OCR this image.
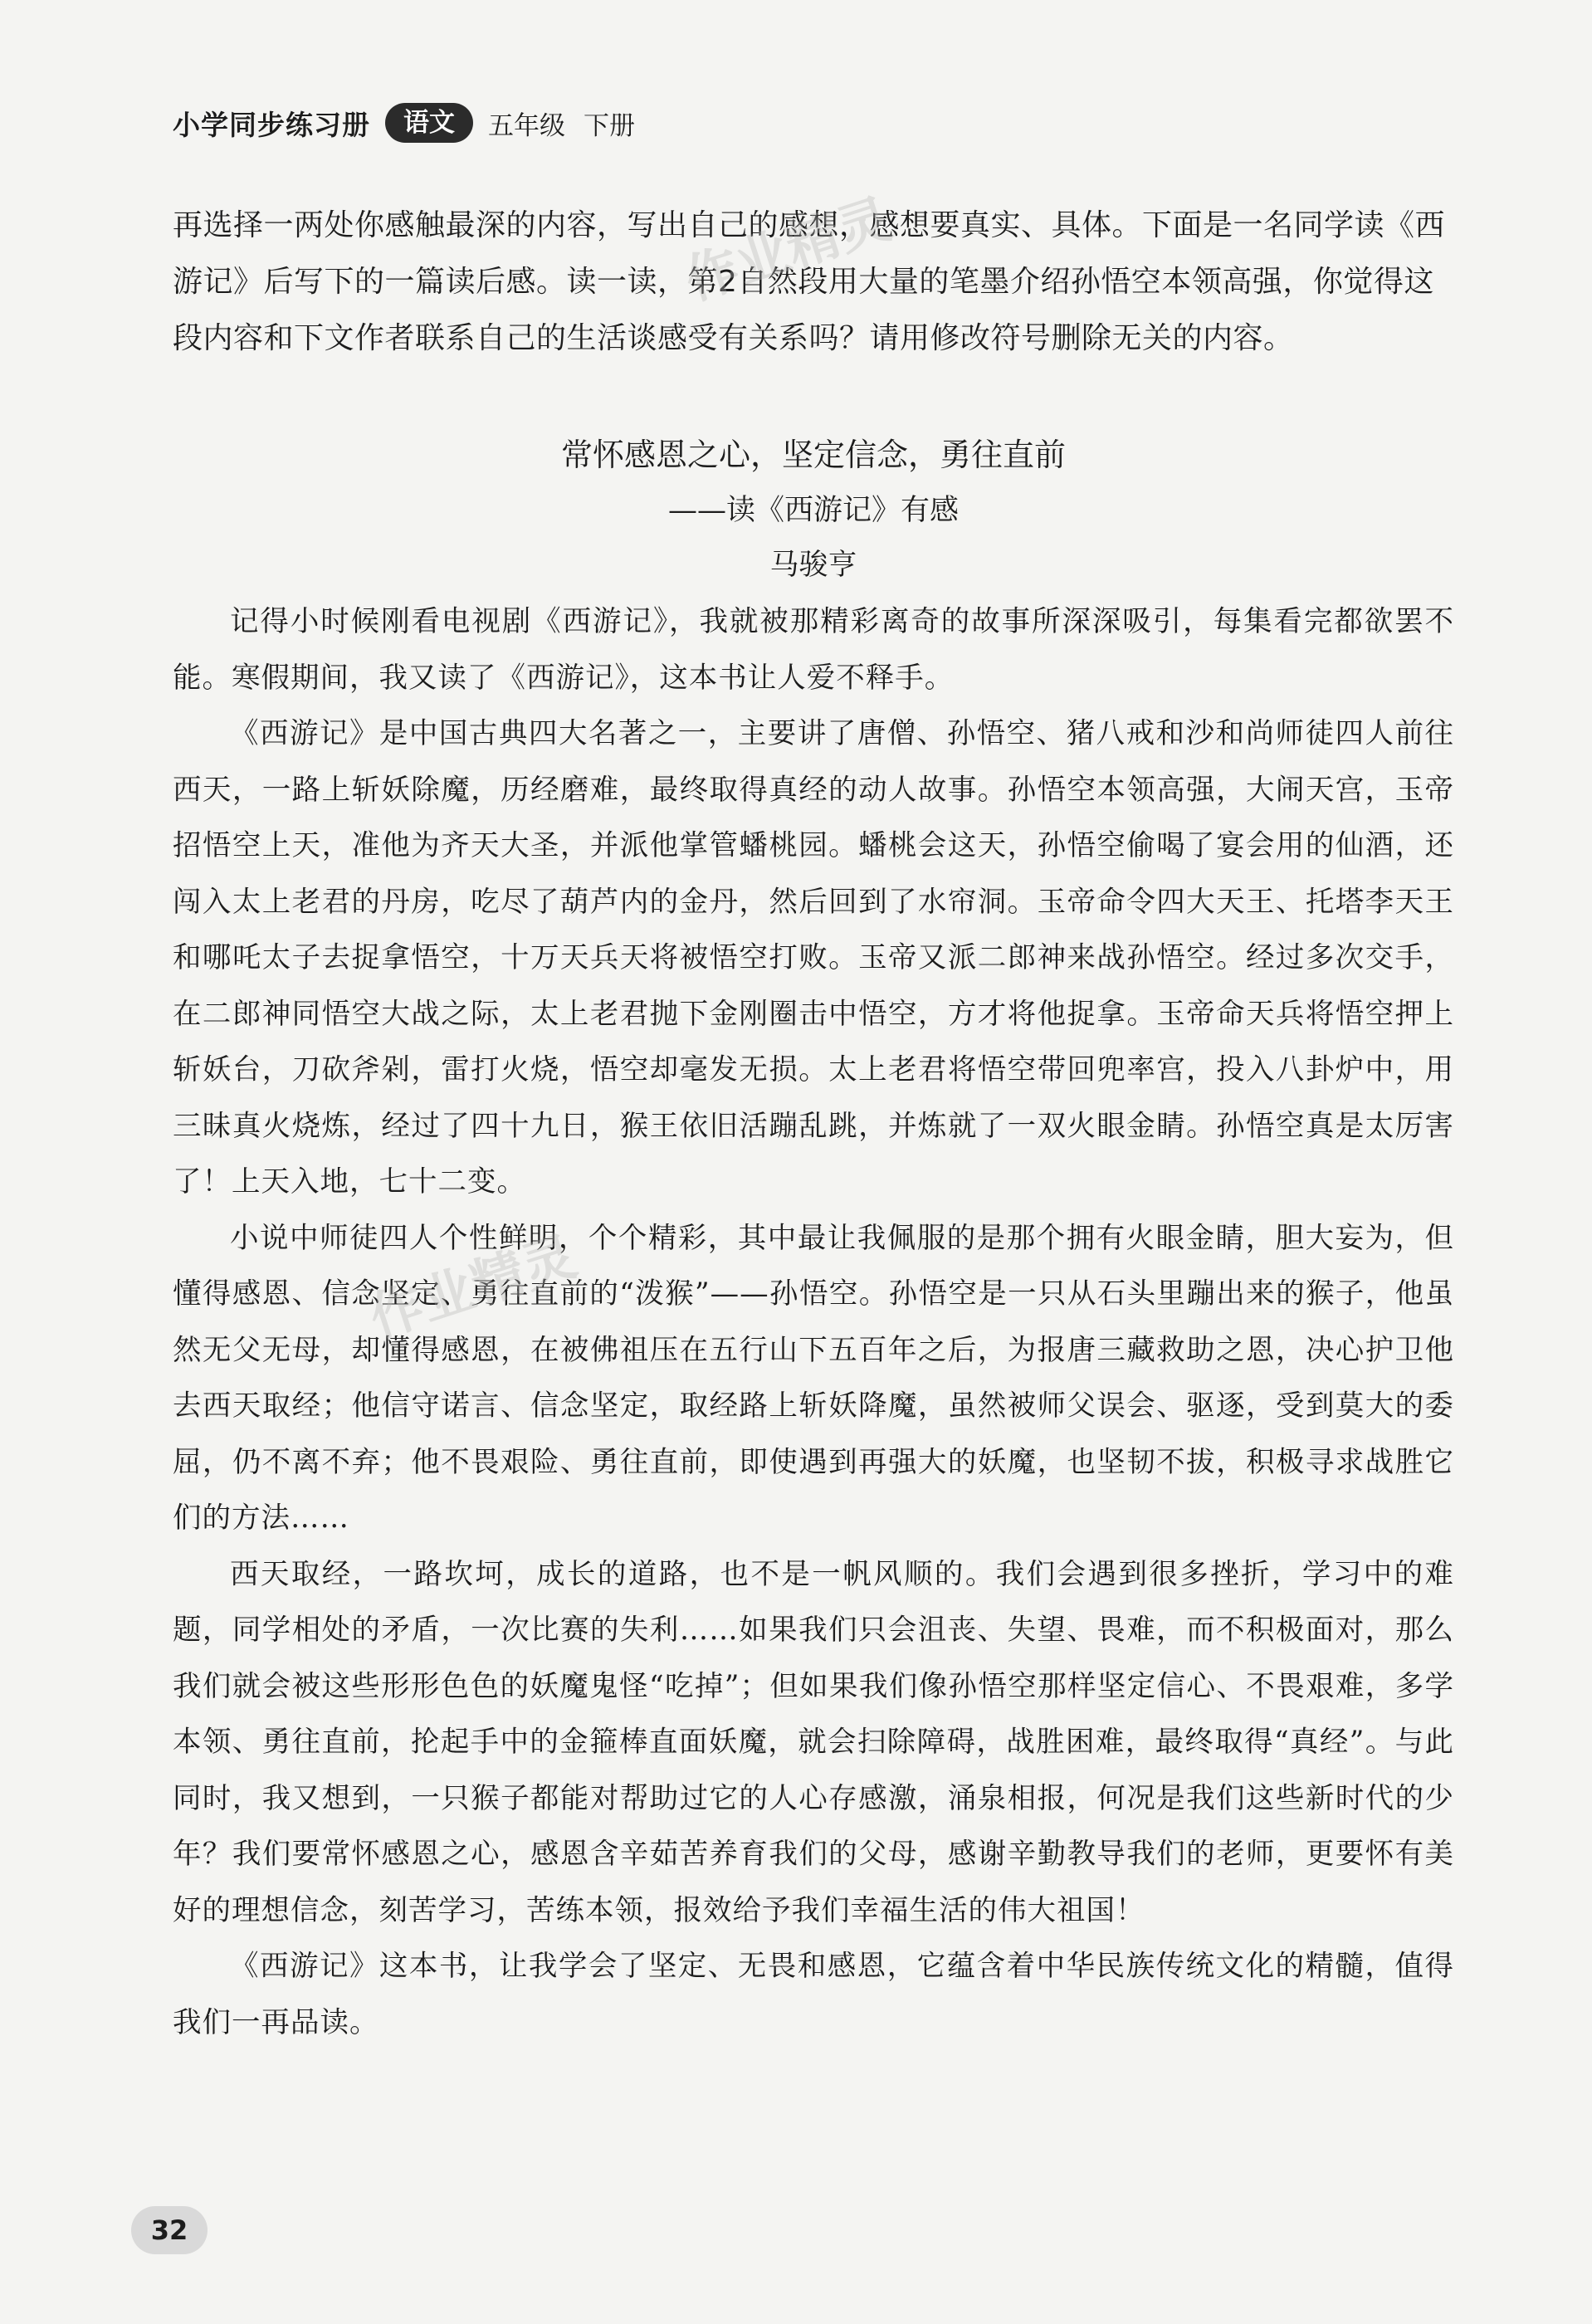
小学同步练习册	语文	五年级 下册

再选择一两处你感触最深的内容，写出自己的感想，感想要真实、具体。下面是一名同学读《西游记》后写下的一篇读后感。读一读，第2自然段用大量的笔墨介绍孙悟空本领高强，你觉得这段内容和下文作者联系自己的生活谈感受有关系吗？请用修改符号删除无关的内容。

常怀感恩之心，坚定信念，勇往直前
——读《西游记》有感
马骏亨

记得小时候刚看电视剧《西游记》，我就被那精彩离奇的故事所深深吸引，每集看完都欲罢不能。寒假期间，我又读了《西游记》，这本书让人爱不释手。

《西游记》是中国古典四大名著之一，主要讲了唐僧、孙悟空、猪八戒和沙和尚师徒四人前往西天，一路上斩妖除魔，历经磨难，最终取得真经的动人故事。孙悟空本领高强，大闹天宫，玉帝招悟空上天，准他为齐天大圣，并派他掌管蟠桃园。蟠桃会这天，孙悟空偷喝了宴会用的仙酒，还闯入太上老君的丹房，吃尽了葫芦内的金丹，然后回到了水帘洞。玉帝命令四大天王、托塔李天王和哪吒太子去捉拿悟空，十万天兵天将被悟空打败。玉帝又派二郎神来战孙悟空。经过多次交手，在二郎神同悟空大战之际，太上老君抛下金刚圈击中悟空，方才将他捉拿。玉帝命天兵将悟空押上斩妖台，刀砍斧剁，雷打火烧，悟空却毫发无损。太上老君将悟空带回兜率宫，投入八卦炉中，用三昧真火烧炼，经过了四十九日，猴王依旧活蹦乱跳，并炼就了一双火眼金睛。孙悟空真是太厉害了！上天入地，七十二变。

小说中师徒四人个性鲜明，个个精彩，其中最让我佩服的是那个拥有火眼金睛，胆大妄为，但懂得感恩、信念坚定、勇往直前的“泼猴”——孙悟空。孙悟空是一只从石头里蹦出来的猴子，他虽然无父无母，却懂得感恩，在被佛祖压在五行山下五百年之后，为报唐三藏救助之恩，决心护卫他去西天取经；他信守诺言、信念坚定，取经路上斩妖降魔，虽然被师父误会、驱逐，受到莫大的委屈，仍不离不弃；他不畏艰险、勇往直前，即使遇到再强大的妖魔，也坚韧不拔，积极寻求战胜它们的方法……

西天取经，一路坎坷，成长的道路，也不是一帆风顺的。我们会遇到很多挫折，学习中的难题，同学相处的矛盾，一次比赛的失利……如果我们只会沮丧、失望、畏难，而不积极面对，那么我们就会被这些形形色色的妖魔鬼怪“吃掉”；但如果我们像孙悟空那样坚定信心、不畏艰难，多学本领、勇往直前，抡起手中的金箍棒直面妖魔，就会扫除障碍，战胜困难，最终取得“真经”。与此同时，我又想到，一只猴子都能对帮助过它的人心存感激，涌泉相报，何况是我们这些新时代的少年？我们要常怀感恩之心，感恩含辛茹苦养育我们的父母，感谢辛勤教导我们的老师，更要怀有美好的理想信念，刻苦学习，苦练本领，报效给予我们幸福生活的伟大祖国！

《西游记》这本书，让我学会了坚定、无畏和感恩，它蕴含着中华民族传统文化的精髓，值得我们一再品读。

作业精灵
作业精灵
32
